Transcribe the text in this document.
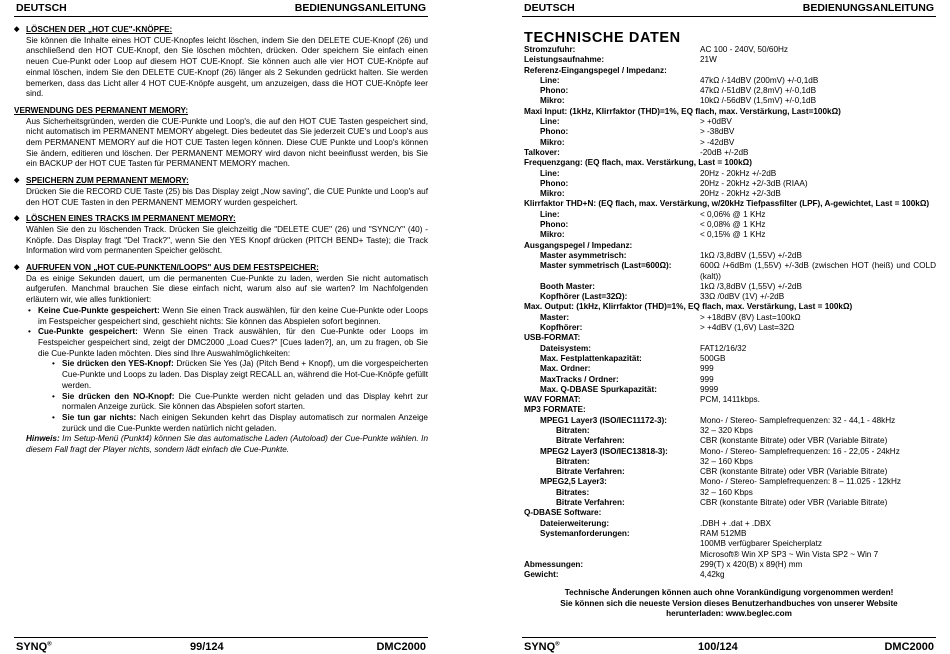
DEUTSCH	BEDIENUNGSANLEITUNG
◆ LÖSCHEN DER „HOT CUE"-KNÖPFE:
Sie können die Inhalte eines HOT CUE-Knopfes leicht löschen, indem Sie den DELETE CUE-Knopf (26) und anschließend den HOT CUE-Knopf, den Sie löschen möchten, drücken. Oder speichern Sie einfach einen neuen Cue-Punkt oder Loop auf diesem HOT CUE-Knopf. Sie können auch alle vier HOT CUE-Knöpfe auf einmal löschen, indem Sie den DELETE CUE-Knopf (26) länger als 2 Sekunden gedrückt halten. Sie werden bemerken, dass das Licht aller 4 HOT CUE-Knöpfe ausgeht, um anzuzeigen, dass die HOT CUE-Knöpfe leer sind.
VERWENDUNG DES PERMANENT MEMORY:
Aus Sicherheitsgründen, werden die CUE-Punkte und Loop's, die auf den HOT CUE Tasten gespeichert sind, nicht automatisch im PERMANENT MEMORY abgelegt. Dies bedeutet das Sie jederzeit CUE's und Loop's aus dem PERMANENT MEMORY auf die HOT CUE Tasten legen können. Diese CUE Punkte und Loop's können Sie ändern, editieren und löschen. Der PERMANENT MEMORY wird davon nicht beeinflusst werden, bis Sie ein BACKUP der HOT CUE Tasten für PERMANENT MEMORY machen.
◆ SPEICHERN ZUM PERMANENT MEMORY:
Drücken Sie die RECORD CUE Taste (25) bis Das Display zeigt „Now saving", die CUE Punkte und Loop's auf den HOT CUE Tasten in den PERMANENT MEMORY wurden gespeichert.
◆ LÖSCHEN EINES TRACKS IM PERMANENT MEMORY:
Wählen Sie den zu löschenden Track. Drücken Sie gleichzeitig die "DELETE CUE" (26) und "SYNC/Y" (40) -Knöpfe. Das Display fragt "Del Track?", wenn Sie den YES Knopf drücken (PITCH BEND+ Taste); die Track Information wird vom permanenten Speicher gelöscht.
◆ AUFRUFEN VON „HOT CUE-PUNKTEN/LOOPS" AUS DEM FESTSPEICHER:
Da es einige Sekunden dauert, um die permanenten Cue-Punkte zu laden, werden Sie nicht automatisch aufgerufen. Manchmal brauchen Sie diese einfach nicht, warum also auf sie warten? Im Nachfolgenden erläutern wir, wie alles funktioniert:
• Keine Cue-Punkte gespeichert: Wenn Sie einen Track auswählen, für den keine Cue-Punkte oder Loops im Festspeicher gespeichert sind, geschieht nichts: Sie können das Abspielen sofort beginnen.
• Cue-Punkte gespeichert: Wenn Sie einen Track auswählen, für den Cue-Punkte oder Loops im Festspeicher gespeichert sind, zeigt der DMC2000 „Load Cues?" [Cues laden?], an, um zu fragen, ob Sie die Cue-Punkte laden möchten. Dies sind Ihre Auswahlmöglichkeiten:
• Sie drücken den YES-Knopf: Drücken Sie Yes (Ja) (Pitch Bend + Knopf), um die vorgespeicherten Cue-Punkte und Loops zu laden. Das Display zeigt RECALL an, während die Hot-Cue-Knöpfe gefüllt werden.
• Sie drücken den NO-Knopf: Die Cue-Punkte werden nicht geladen und das Display kehrt zur normalen Anzeige zurück. Sie können das Abspielen sofort starten.
• Sie tun gar nichts: Nach einigen Sekunden kehrt das Display automatisch zur normalen Anzeige zurück und die Cue-Punkte werden natürlich nicht geladen.
Hinweis: Im Setup-Menü (Punkt4) können Sie das automatische Laden (Autoload) der Cue-Punkte wählen. In diesem Fall fragt der Player nichts, sondern lädt einfach die Cue-Punkte.
SYNQ®	99/124	DMC2000
DEUTSCH	BEDIENUNGSANLEITUNG
TECHNISCHE DATEN
Stromzufuhr:	AC 100 - 240V, 50/60Hz
Leistungsaufnahme:	21W
Referenz-Eingangspegel / Impedanz:
Line:	47kΩ /-14dBV (200mV) +/-0,1dB
Phono:	47kΩ /-51dBV (2,8mV) +/-0,1dB
Mikro:	10kΩ /-56dBV (1,5mV) +/-0,1dB
Maxi Input: (1kHz, Klirrfaktor (THD)=1%, EQ flach, max. Verstärkung, Last=100kΩ)
Line:	> +0dBV
Phono:	> -38dBV
Mikro:	> -42dBV
Talkover:	-20dB +/-2dB
Frequenzgang: (EQ flach, max. Verstärkung, Last = 100kΩ)
Line:	20Hz - 20kHz +/-2dB
Phono:	20Hz - 20kHz +2/-3dB (RIAA)
Mikro:	20Hz - 20kHz +2/-3dB
Klirrfaktor THD+N: (EQ flach, max. Verstärkung, w/20kHz Tiefpassfilter (LPF), A-gewichtet, Last = 100kΩ)
Line:	< 0,06% @ 1 KHz
Phono:	< 0,08% @ 1 KHz
Mikro:	< 0,15% @ 1 KHz
Ausgangspegel / Impedanz:
Master asymmetrisch:	1kΩ /3,8dBV (1,55V) +/-2dB
Master symmetrisch (Last=600Ω):	600Ω /+6dBm (1,55V) +/-3dB (zwischen HOT (heiß) und COLD (kalt))
Booth Master:	1kΩ /3,8dBV (1,55V) +/-2dB
Kopfhörer (Last=32Ω):	33Ω /0dBV (1V) +/-2dB
Max. Output: (1kHz, Klirrfaktor (THD)=1%, EQ flach, max. Verstärkung, Last = 100kΩ)
Master:	> +18dBV (8V) Last=100kΩ
Kopfhörer:	> +4dBV (1,6V) Last=32Ω
USB-FORMAT:
Dateisystem:	FAT12/16/32
Max. Festplattenkapazität:	500GB
Max. Ordner:	999
MaxTracks / Ordner:	999
Max. Q-DBASE Spurkapazität:	9999
WAV FORMAT:	PCM, 1411kbps.
MP3 FORMATE:
MPEG1 Layer3 (ISO/IEC11172-3):	Mono- / Stereo- Samplefrequenzen: 32 - 44,1 - 48kHz
Bitraten:	32 – 320 Kbps
Bitrate Verfahren:	CBR (konstante Bitrate) oder VBR (Variable Bitrate)
MPEG2 Layer3 (ISO/IEC13818-3):	Mono- / Stereo- Samplefrequenzen: 16 - 22,05 - 24kHz
Bitraten:	32 – 160 Kbps
Bitrate Verfahren:	CBR (konstante Bitrate) oder VBR (Variable Bitrate)
MPEG2,5 Layer3:	Mono- / Stereo- Samplefrequenzen: 8 – 11.025 - 12kHz
Bitrates:	32 – 160 Kbps
Bitrate Verfahren:	CBR (konstante Bitrate) oder VBR (Variable Bitrate)
Q-DBASE Software:
Dateierweiterung:	.DBH + .dat + .DBX
Systemanforderungen:	RAM 512MB
100MB verfügbarer Speicherplatz
Microsoft® Win XP SP3 ~ Win Vista SP2 ~ Win 7
Abmessungen:	299(T) x 420(B) x 89(H) mm
Gewicht:	4,42kg
Technische Änderungen können auch ohne Vorankündigung vorgenommen werden!
Sie können sich die neueste Version dieses Benutzerhandbuches von unserer Website
herunterladen: www.beglec.com
SYNQ®	100/124	DMC2000
